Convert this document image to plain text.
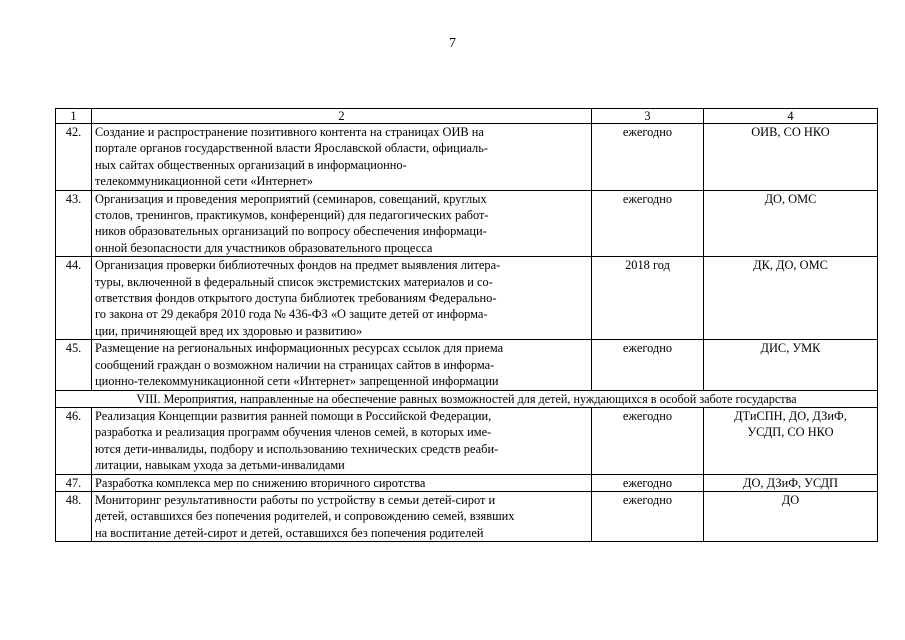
7
1	2	3	4
42.	Создание и распространение позитивного контента на страницах ОИВ на
портале органов государственной власти Ярославской области, официаль-
ных сайтах общественных организаций в информационно-
телекоммуникационной сети «Интернет»	ежегодно	ОИВ, СО НКО

43.	Организация и проведения мероприятий (семинаров, совещаний, круглых
столов, тренингов, практикумов, конференций) для педагогических работ-
ников образовательных организаций по вопросу обеспечения информаци-
онной безопасности для участников образовательного процесса	ежегодно	ДО, ОМС

44.	Организация проверки библиотечных фондов на предмет выявления литера-
туры, включенной в федеральный список экстремистских материалов и со-
ответствия фондов открытого доступа библиотек требованиям Федерально-
го закона от 29 декабря 2010 года № 436-ФЗ «О защите детей от информа-
ции, причиняющей вред их здоровью и развитию»	2018 год	ДК, ДО, ОМС

45.	Размещение на региональных информационных ресурсах ссылок для приема
сообщений граждан о возможном наличии на страницах сайтов в информа-
ционно-телекоммуникационной сети «Интернет» запрещенной информации	ежегодно	ДИС, УМК

VIII. Мероприятия, направленные на обеспечение равных возможностей для детей, нуждающихся в особой заботе государства			
46.	Реализация Концепции развития ранней помощи в Российской Федерации,
разработка и реализация программ обучения членов семей, в которых име-
ются дети-инвалиды, подбору и использованию технических средств реаби-
литации, навыкам ухода за детьми-инвалидами	ежегодно	ДТиСПН, ДО, ДЗиФ,
УСДП, СО НКО

47.	Разработка комплекса мер по снижению вторичного сиротства	ежегодно	ДО, ДЗиФ, УСДП

48.	Мониторинг результативности работы по устройству в семьи детей-сирот и
детей, оставшихся без попечения родителей, и сопровождению семей, взявших
на воспитание детей-сирот и детей, оставшихся без попечения родителей	ежегодно	ДО
